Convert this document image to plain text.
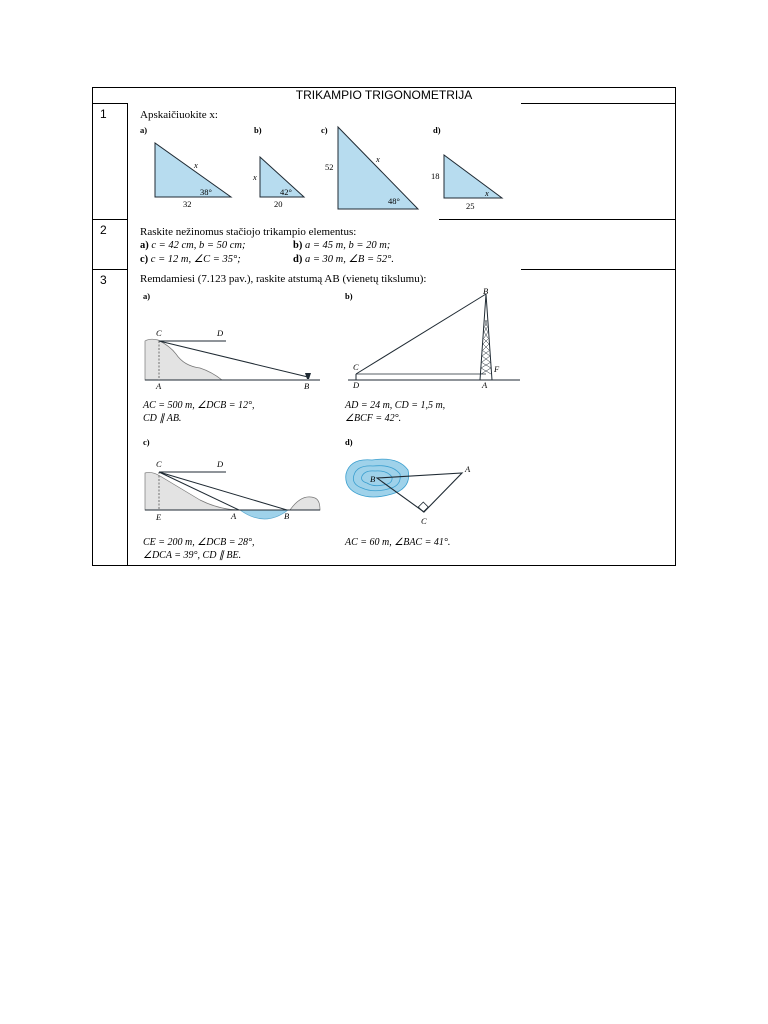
TRIKAMPIO TRIGONOMETRIJA
1
2
3
Apskaičiuokite x:
a)
x
38°
32
b)
x
42°
20
c)
52
x
48°
d)
18
x
25
Raskite nežinomus stačiojo trikampio elementus:
a) c = 42 cm, b = 50 cm;	b) a = 45 m, b = 20 m;
c) c = 12 m, ∠C = 35°;	d) a = 30 m, ∠B = 52°.
Remdamiesi (7.123 pav.), raskite atstumą AB (vienetų tikslumu):
a)
C	D
A	B
AC = 500 m, ∠DCB = 12°,
CD ∥ AB.
b)
C
D
B
A
F
AD = 24 m, CD = 1,5 m,
∠BCF = 42°.
c)
C	D
E	A	B
CE = 200 m, ∠DCB = 28°,
∠DCA = 39°, CD ∥ BE.
d)
B
A
C
AC = 60 m, ∠BAC = 41°.
